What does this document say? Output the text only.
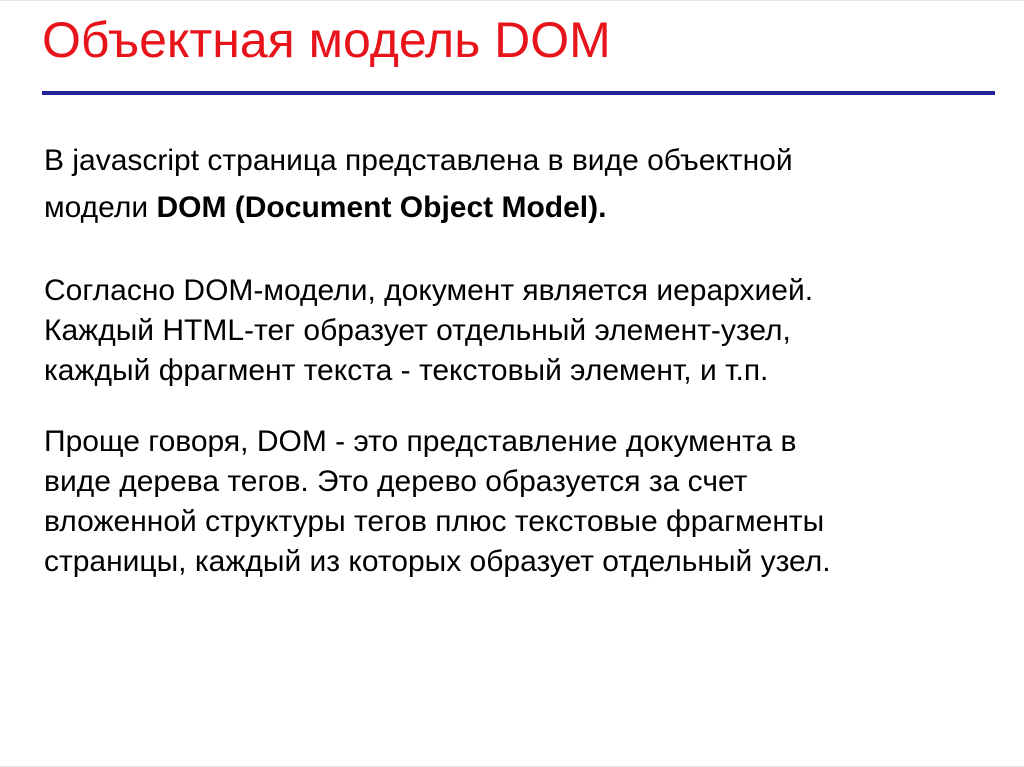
Объектная модель DOM

В javascript страница представлена в виде объектной
модели DOM (Document Object Model).

Согласно DOM-модели, документ является иерархией.
Каждый HTML-тег образует отдельный элемент-узел,
каждый фрагмент текста - текстовый элемент, и т.п.

Проще говоря, DOM - это представление документа в
виде дерева тегов. Это дерево образуется за счет
вложенной структуры тегов плюс текстовые фрагменты
страницы, каждый из которых образует отдельный узел.
